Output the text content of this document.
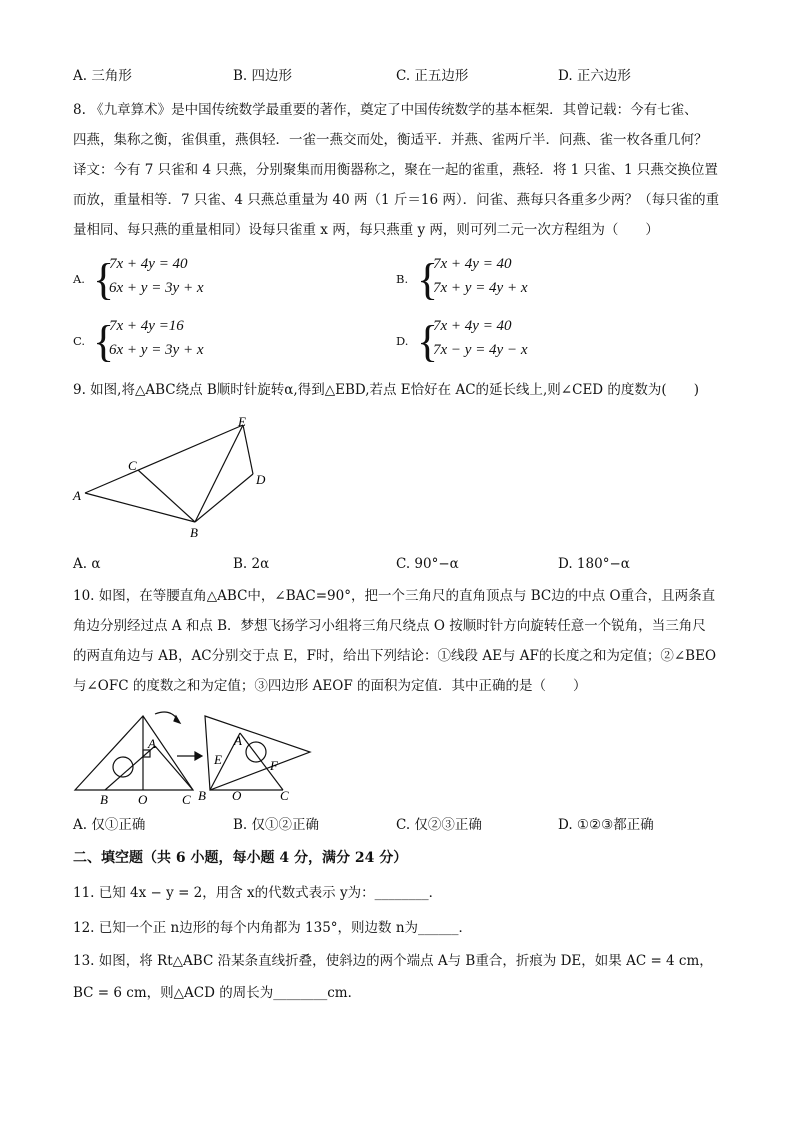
A. 三角形	B. 四边形	C. 正五边形	D. 正六边形
8. 《九章算术》是中国传统数学最重要的著作，奠定了中国传统数学的基本框架．其曾记载：今有七雀、
四燕，集称之衡，雀俱重，燕俱轻．一雀一燕交而处，衡适平．并燕、雀两斤半．问燕、雀一枚各重几何？
译文：今有 7 只雀和 4 只燕，分别聚集而用衡器称之，聚在一起的雀重，燕轻．将 1 只雀、1 只燕交换位置
而放，重量相等．7 只雀、4 只燕总重量为 40 两（1 斤＝16 两）．问雀、燕每只各重多少两？（每只雀的重
量相同、每只燕的重量相同）设每只雀重 x 两，每只燕重 y 两，则可列二元一次方程组为（　　）
A. {
7x + 4y = 40
6x + y = 3y + x
B. {
7x + 4y = 40
7x + y = 4y + x
C. {
7x + 4y =16
6x + y = 3y + x
D. {
7x + 4y = 40
7x − y = 4y − x
9. 如图,将△ABC绕点 B顺时针旋转α,得到△EBD,若点 E恰好在 AC的延长线上,则∠CED 的度数为(　　)
A
C
E
D
B
A. α	B. 2α	C. 90°−α	D. 180°−α
10. 如图，在等腰直角△ABC中，∠BAC=90°，把一个三角尺的直角顶点与 BC边的中点 O重合，且两条直
角边分别经过点 A 和点 B．梦想飞扬学习小组将三角尺绕点 O 按顺时针方向旋转任意一个锐角，当三角尺
的两直角边与 AB，AC分别交于点 E，F时，给出下列结论：①线段 AE与 AF的长度之和为定值；②∠BEO
与∠OFC 的度数之和为定值；③四边形 AEOF 的面积为定值．其中正确的是（　　）
B O	C
A	A
E	F
B O	C
A. 仅①正确	B. 仅①②正确	C. 仅②③正确	D. ①②③都正确
二、填空题（共 6 小题，每小题 4 分，满分 24 分）
11. 已知 4x − y = 2，用含 x的代数式表示 y为：________．
12. 已知一个正 n边形的每个内角都为 135°，则边数 n为______．
13. 如图，将 Rt△ABC 沿某条直线折叠，使斜边的两个端点 A与 B重合，折痕为 DE，如果 AC = 4 cm，
BC = 6 cm，则△ACD 的周长为________cm．
